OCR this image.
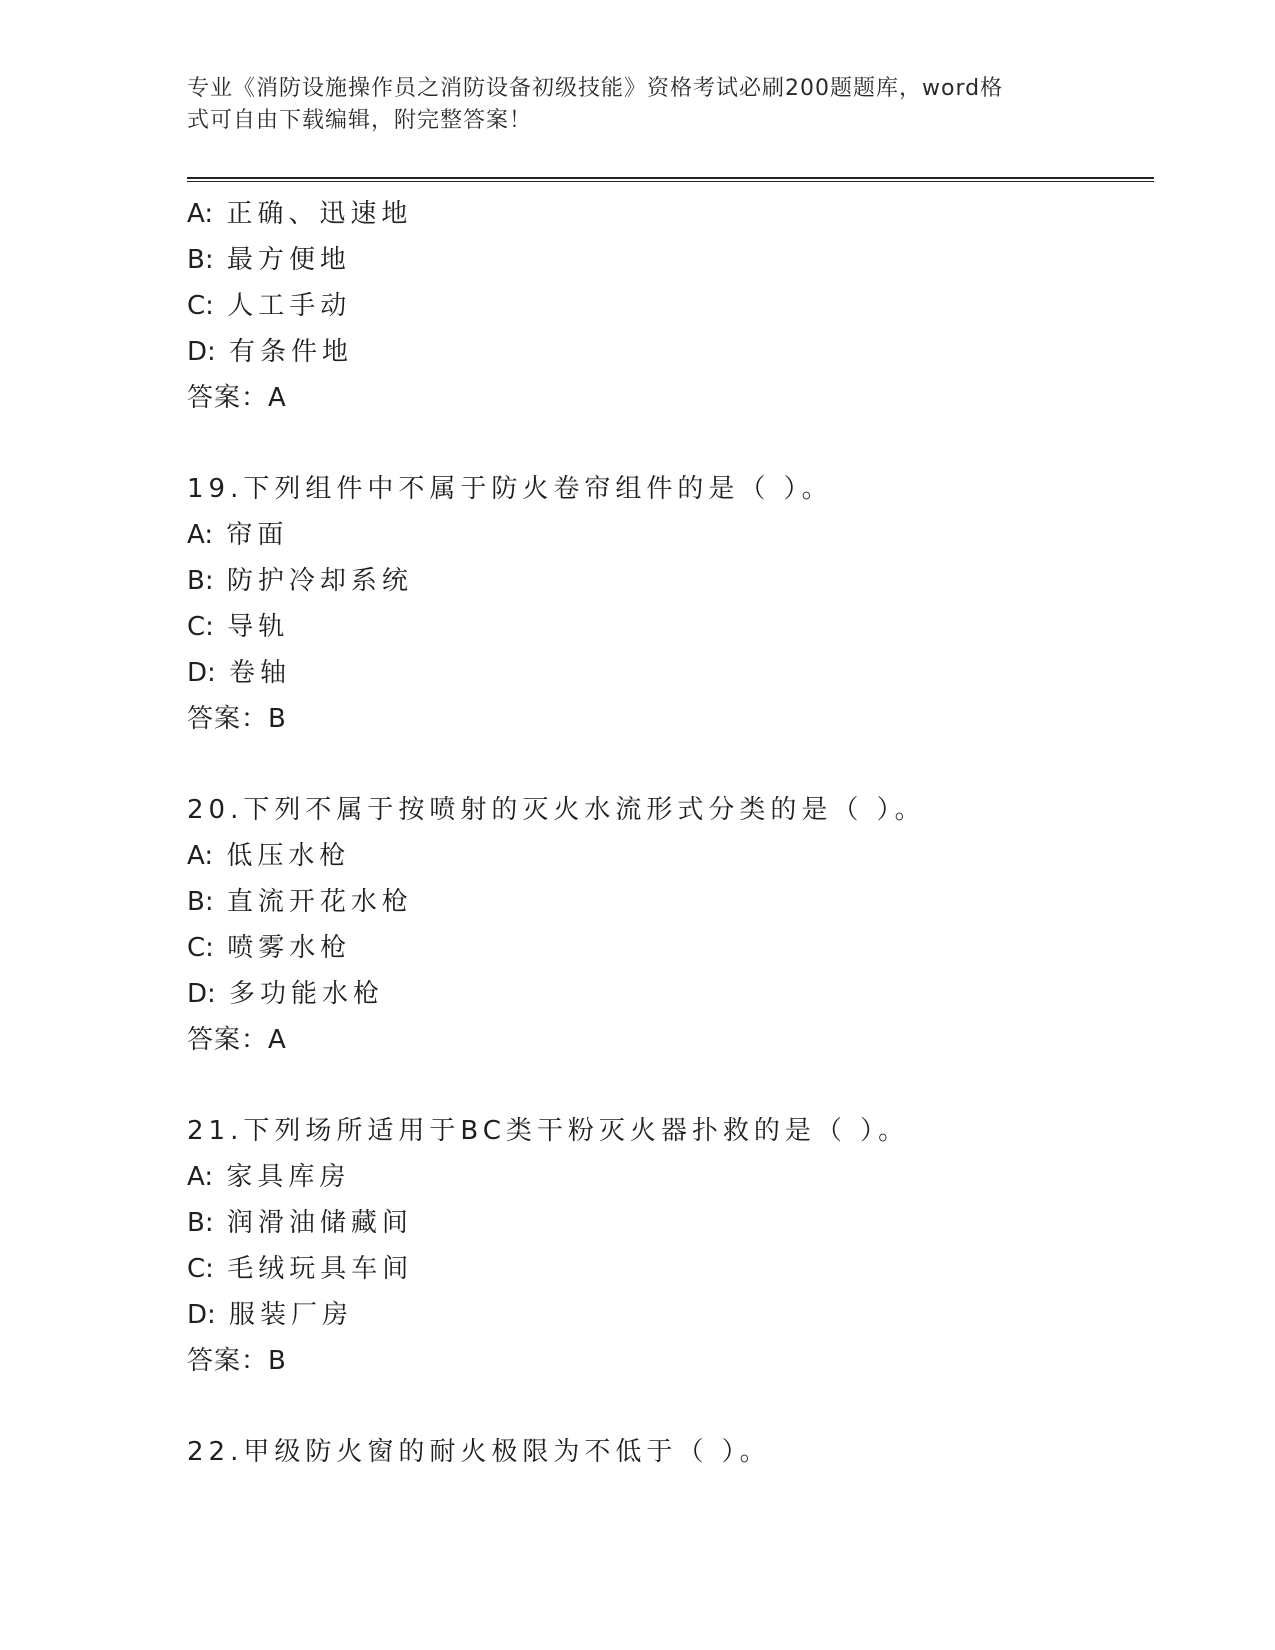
专业《消防设施操作员之消防设备初级技能》资格考试必刷200题题库，word格
式可自由下载编辑，附完整答案！
A: 正确、迅速地
B: 最方便地
C: 人工手动
D: 有条件地
答案：A
19.下列组件中不属于防火卷帘组件的是（ ）。
A: 帘面
B: 防护冷却系统
C: 导轨
D: 卷轴
答案：B
20.下列不属于按喷射的灭火水流形式分类的是（ ）。
A: 低压水枪
B: 直流开花水枪
C: 喷雾水枪
D: 多功能水枪
答案：A
21.下列场所适用于BC类干粉灭火器扑救的是（ ）。
A: 家具库房
B: 润滑油储藏间
C: 毛绒玩具车间
D: 服装厂房
答案：B
22.甲级防火窗的耐火极限为不低于（ ）。
